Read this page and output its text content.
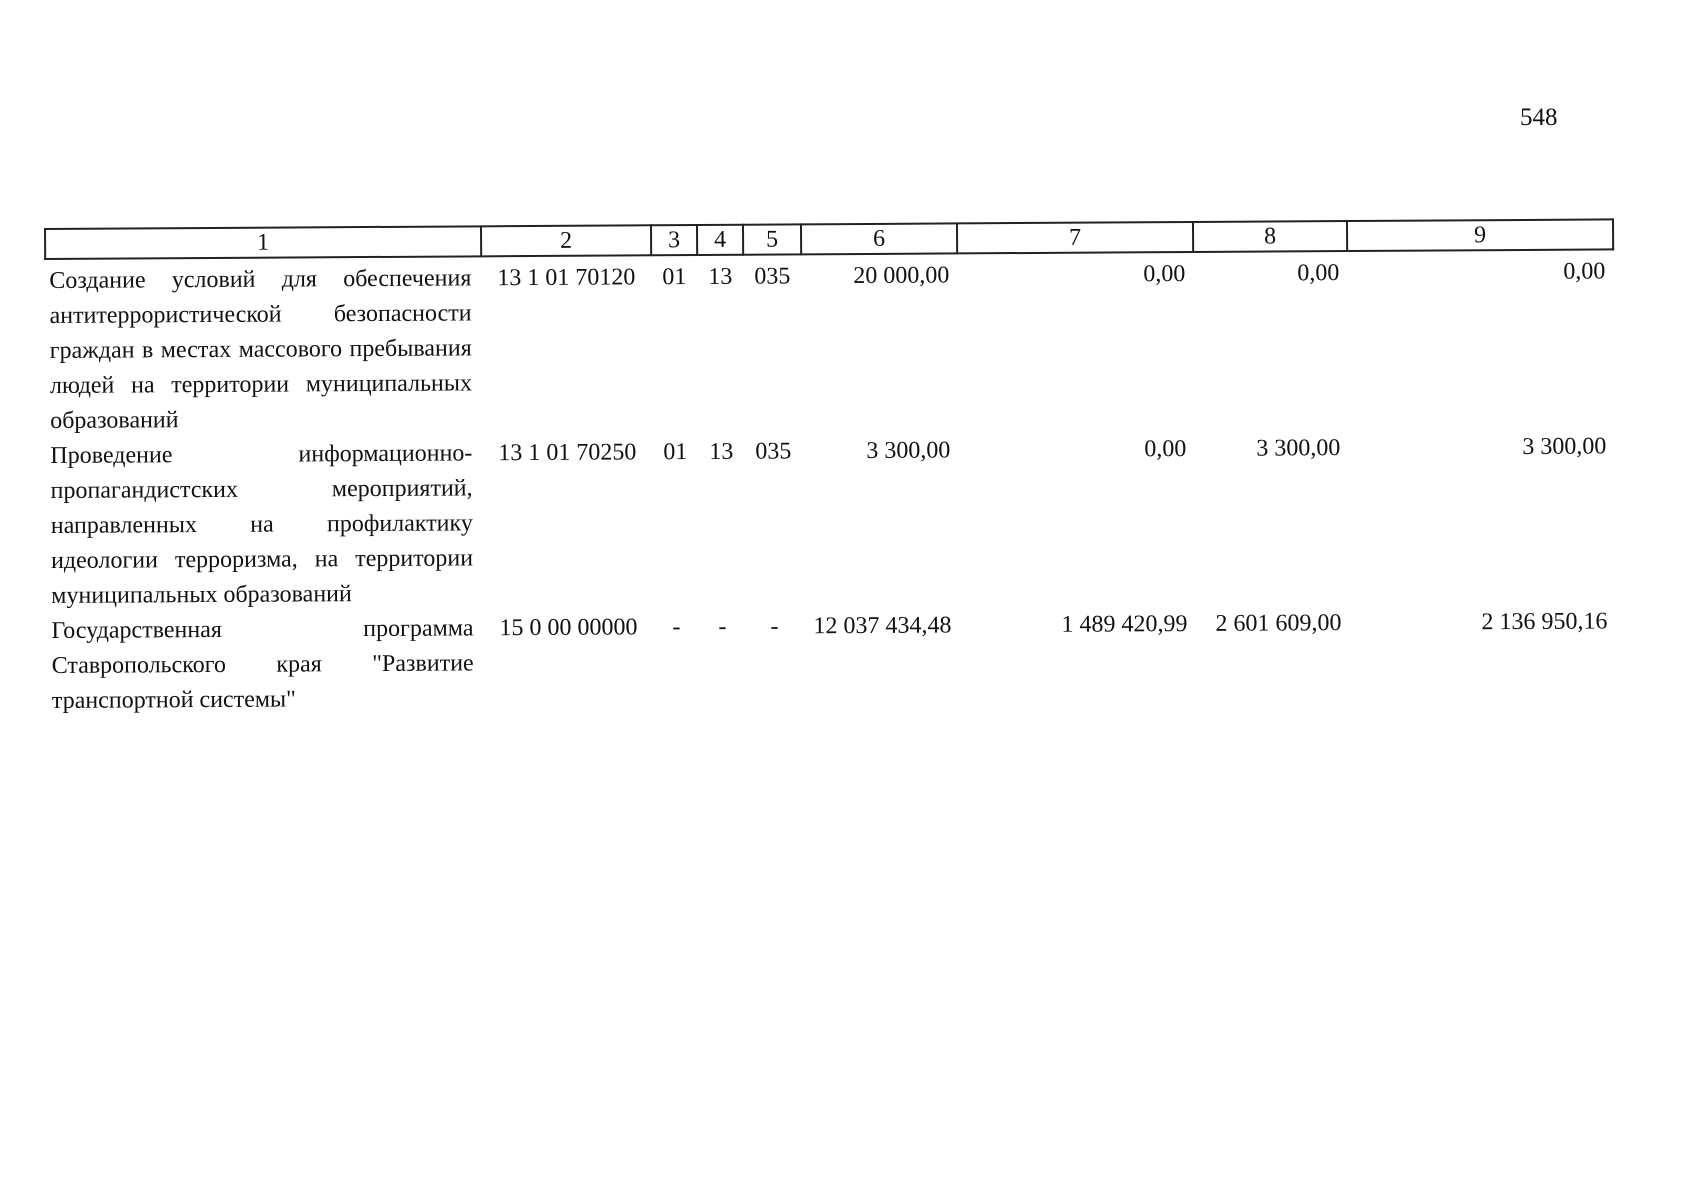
548
1	2	3	4	5	6	7	8	9

Создание условий для обеспечения антитеррористической безопасности граждан в местах массового пребывания людей на территории муниципальных образований	13 1 01 70120	01	13	035	20 000,00	0,00	0,00	0,00
Проведение информационно-пропагандистских мероприятий, направленных на профилактику идеологии терроризма, на территории муниципальных образований	13 1 01 70250	01	13	035	3 300,00	0,00	3 300,00	3 300,00
Государственная программа Ставропольского края "Развитие транспортной системы"	15 0 00 00000	-	-	-	12 037 434,48	1 489 420,99	2 601 609,00	2 136 950,16
